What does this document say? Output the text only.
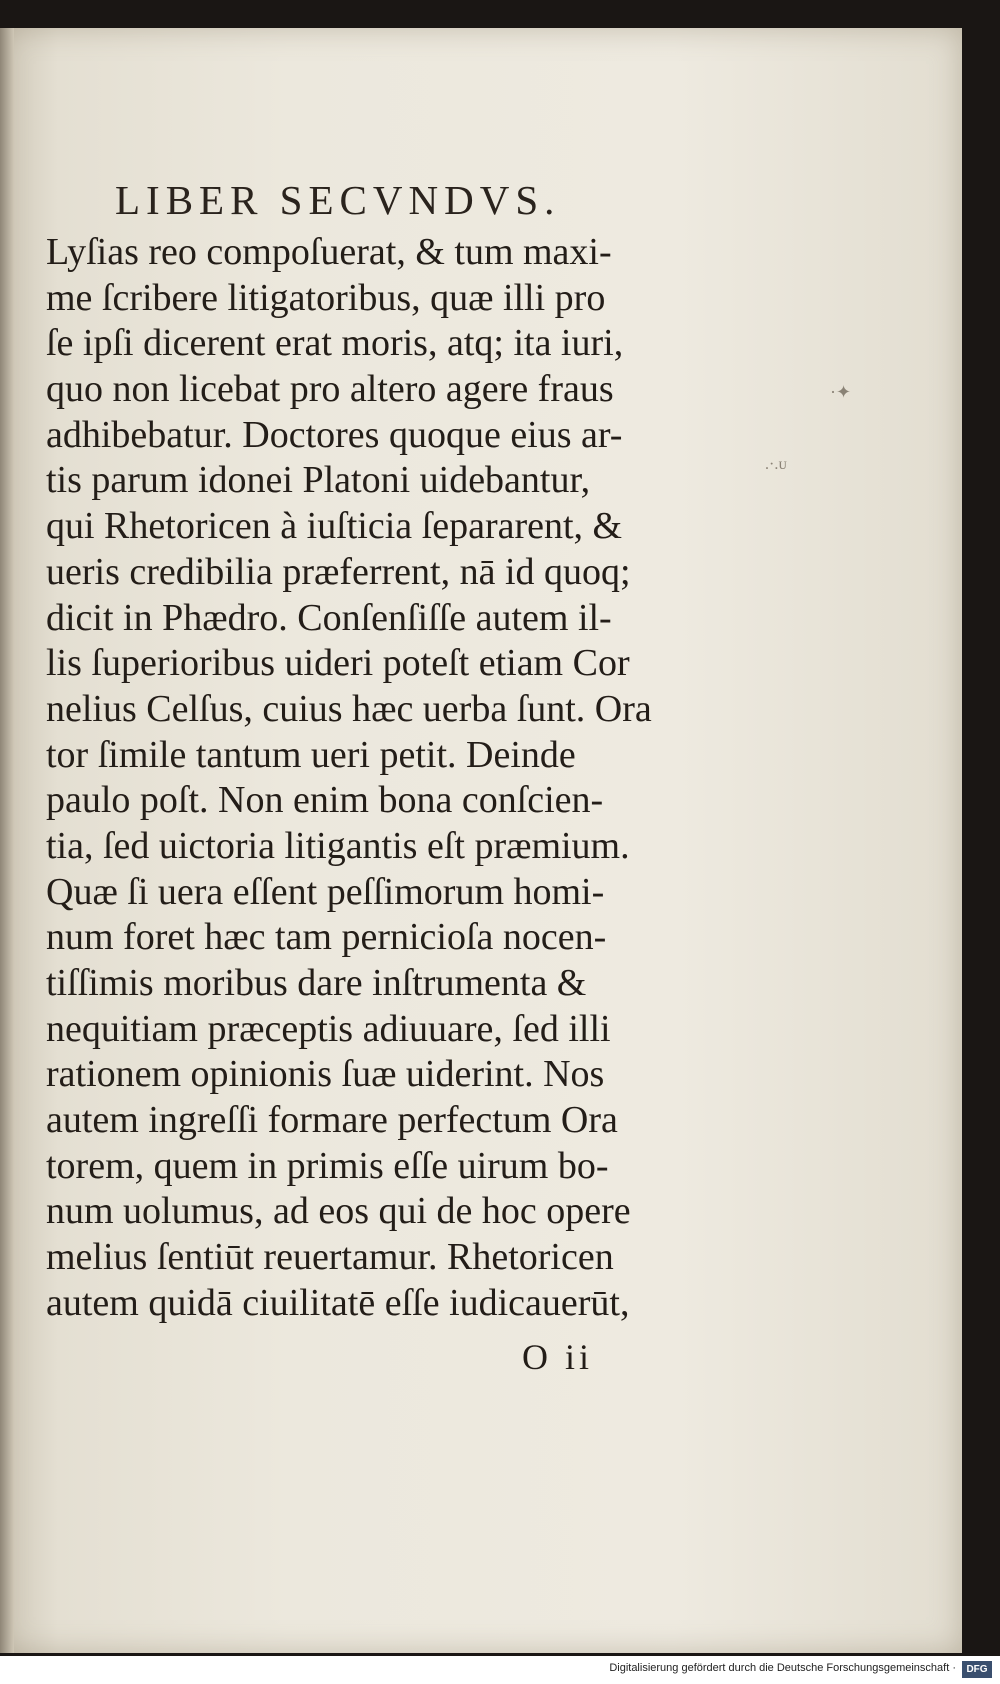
LIBER SECVNDVS.
Lyſias reo compoſuerat, & tum maxi-
me ſcribere litigatoribus, quæ illi pro
ſe ipſi dicerent erat moris, atq; ita iuri,
quo non licebat pro altero agere fraus
adhibebatur. Doctores quoque eius ar-
tis parum idonei Platoni uidebantur,
qui Rhetoricen à iuſticia ſepararent, &
ueris credibilia præferrent, nā id quoq;
dicit in Phædro. Conſenſiſſe autem il-
lis ſuperioribus uideri poteſt etiam Cor
nelius Celſus, cuius hæc uerba ſunt. Ora
tor ſimile tantum ueri petit. Deinde
paulo poſt. Non enim bona conſcien-
tia, ſed uictoria litigantis eſt præmium.
Quæ ſi uera eſſent peſſimorum homi-
num foret hæc tam pernicioſa nocen-
tiſſimis moribus dare inſtrumenta &
nequitiam præceptis adiuuare, ſed illi
rationem opinionis ſuæ uiderint. Nos
autem ingreſſi formare perfectum Ora
torem, quem in primis eſſe uirum bo-
num uolumus, ad eos qui de hoc opere
melius ſentiūt reuertamur. Rhetoricen
autem quidā ciuilitatē eſſe iudicauerūt,
O ii
·✦
.·.ᴜ
Digitalisierung gefördert durch die Deutsche Forschungsgemeinschaft ·	DFG
